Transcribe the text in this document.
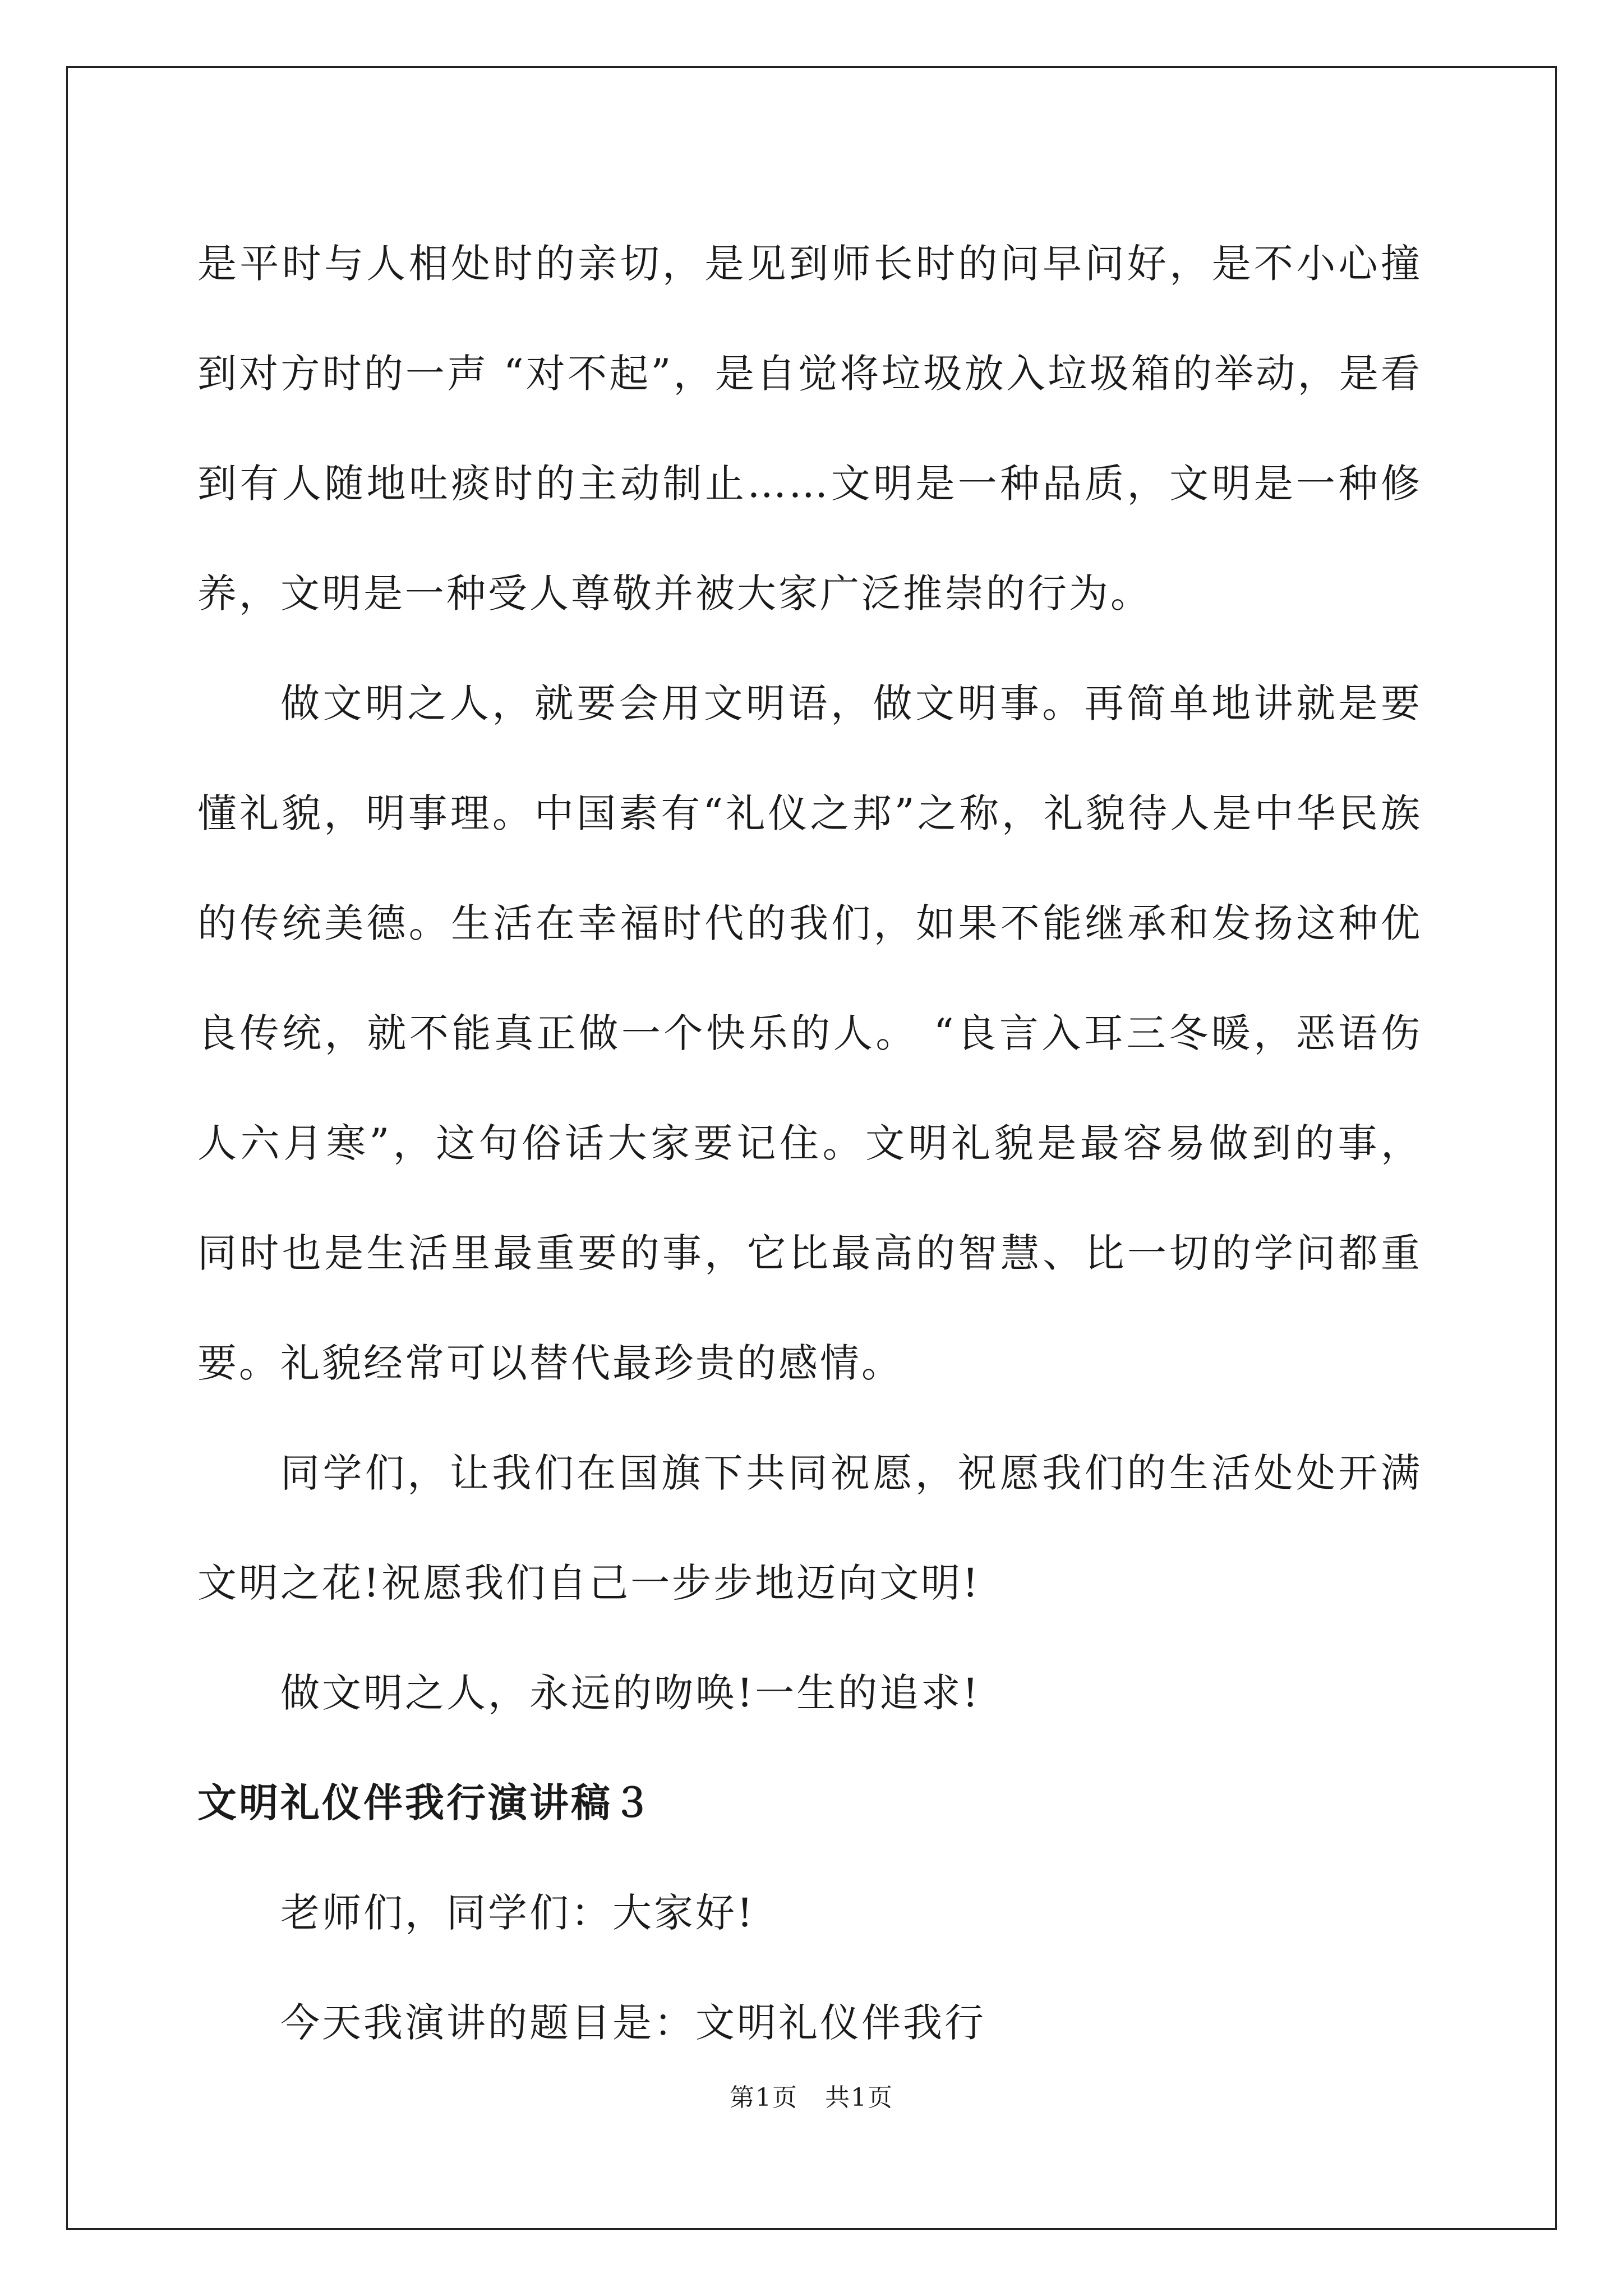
是平时与人相处时的亲切，是见到师长时的问早问好，是不小心撞到对方时的一声 “对不起”，是自觉将垃圾放入垃圾箱的举动，是看到有人随地吐痰时的主动制止……文明是一种品质，文明是一种修养，文明是一种受人尊敬并被大家广泛推崇的行为。

做文明之人，就要会用文明语，做文明事。再简单地讲就是要懂礼貌，明事理。中国素有“礼仪之邦”之称，礼貌待人是中华民族的传统美德。生活在幸福时代的我们，如果不能继承和发扬这种优良传统，就不能真正做一个快乐的人。 “良言入耳三冬暖，恶语伤人六月寒”，这句俗话大家要记住。文明礼貌是最容易做到的事，同时也是生活里最重要的事，它比最高的智慧、比一切的学问都重要。礼貌经常可以替代最珍贵的感情。

同学们，让我们在国旗下共同祝愿，祝愿我们的生活处处开满文明之花!祝愿我们自己一步步地迈向文明!

做文明之人，永远的吻唤!一生的追求!

文明礼仪伴我行演讲稿３

老师们，同学们：大家好!

今天我演讲的题目是：文明礼仪伴我行

第1页 共1页
